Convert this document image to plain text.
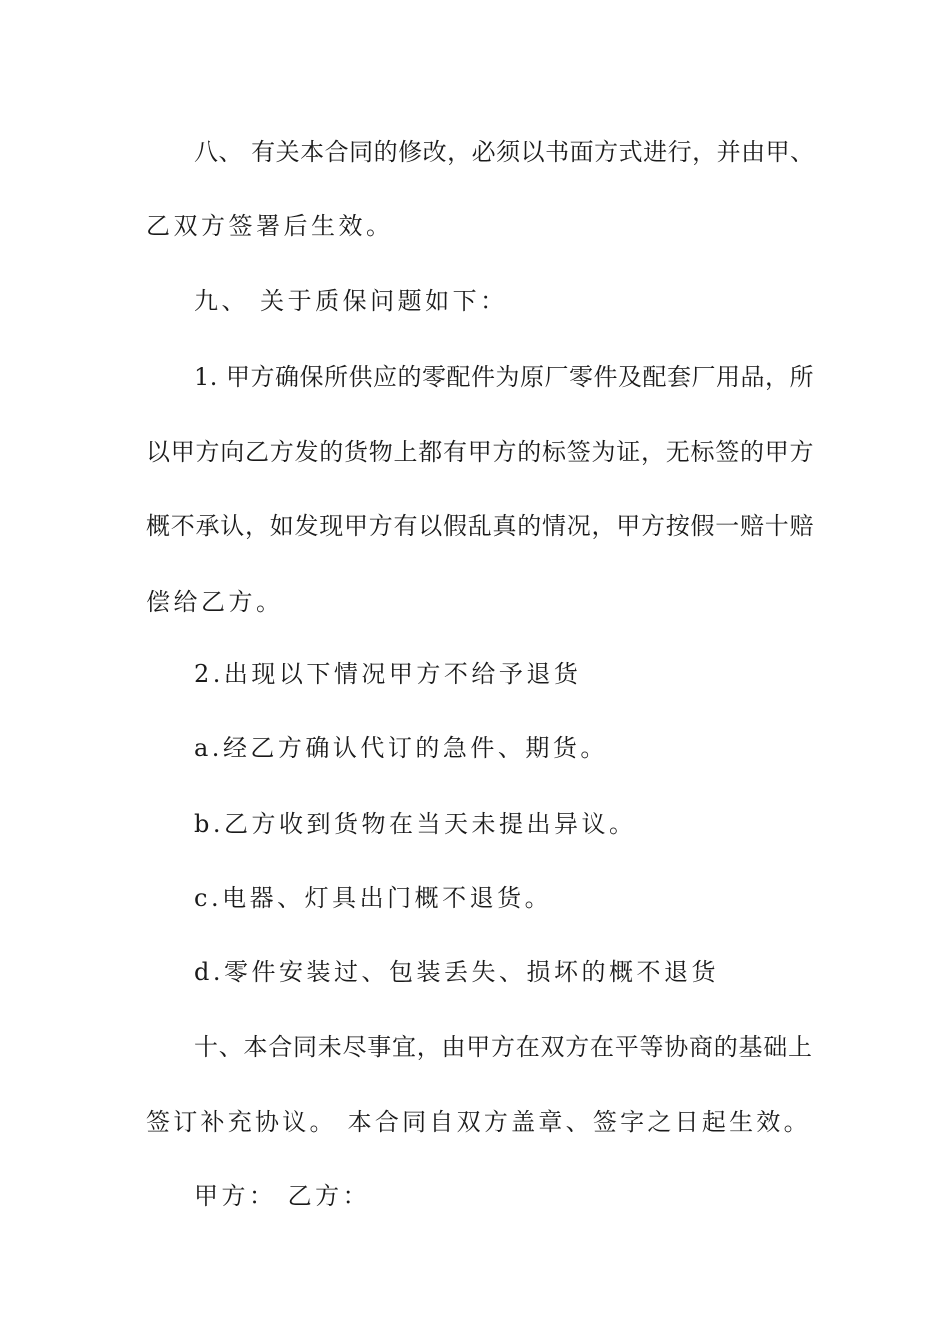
八、 有关本合同的修改，必须以书面方式进行，并由甲、
乙双方签署后生效。
九、 关于质保问题如下：
1. 甲方确保所供应的零配件为原厂零件及配套厂用品，所
以甲方向乙方发的货物上都有甲方的标签为证，无标签的甲方
概不承认，如发现甲方有以假乱真的情况，甲方按假一赔十赔
偿给乙方。
2.出现以下情况甲方不给予退货
a.经乙方确认代订的急件、期货。
b.乙方收到货物在当天未提出异议。
c.电器、灯具出门概不退货。
d.零件安装过、包装丢失、损坏的概不退货
十、本合同未尽事宜，由甲方在双方在平等协商的基础上
签订补充协议。 本合同自双方盖章、签字之日起生效。
甲方： 乙方：
